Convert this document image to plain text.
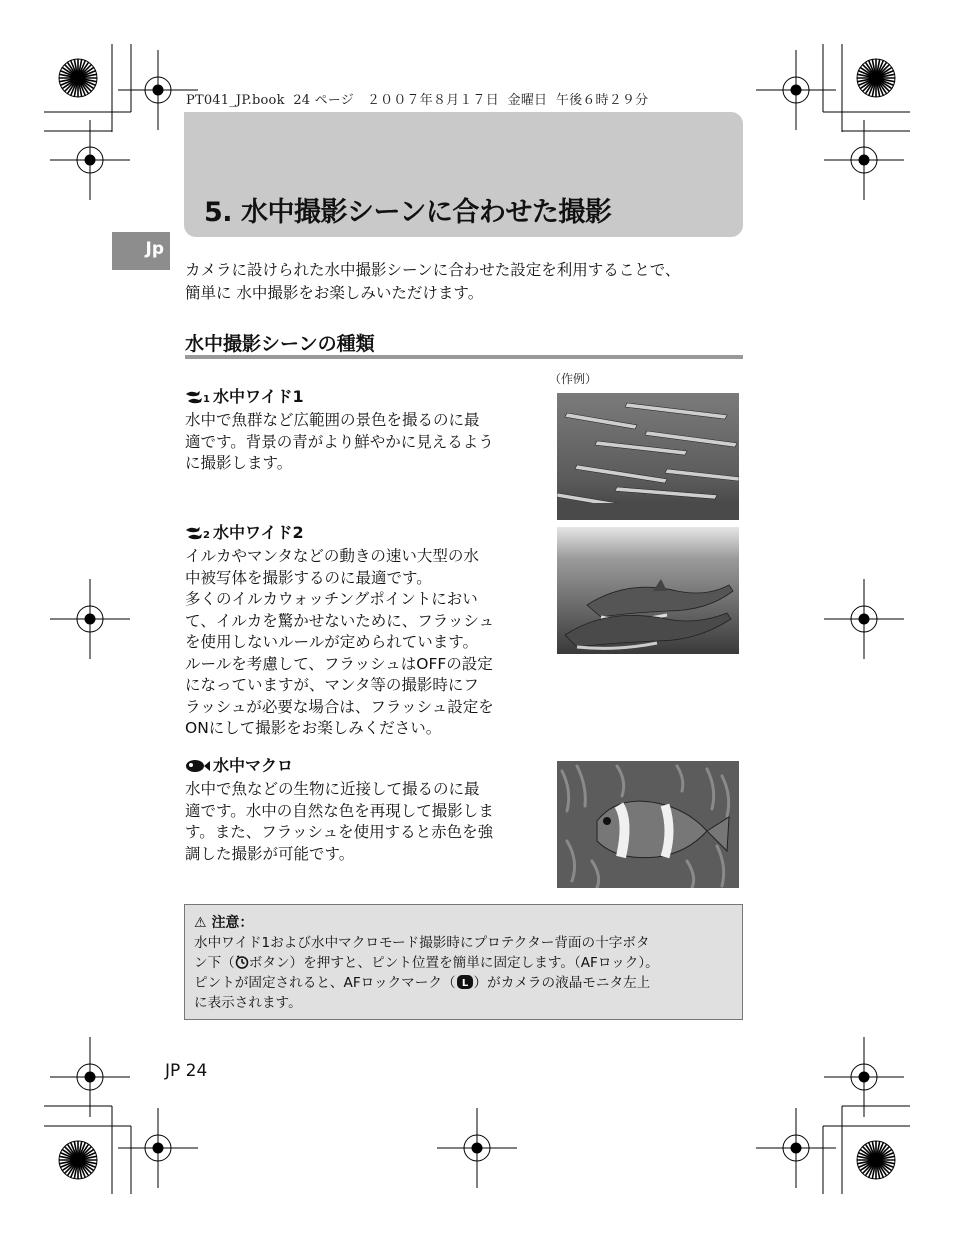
PT041_JP.book 24 ページ ２００７年８月１７日 金曜日 午後６時２９分
5. 水中撮影シーンに合わせた撮影
Jp

カメラに設けられた水中撮影シーンに合わせた設定を利用することで、
簡単に 水中撮影をお楽しみいただけます。

水中撮影シーンの種類
（作例）
1 水中ワイド1

水中で魚群など広範囲の景色を撮るのに最
適です。背景の青がより鮮やかに見えるよう
に撮影します。

2 水中ワイド2

イルカやマンタなどの動きの速い大型の水
中被写体を撮影するのに最適です。
多くのイルカウォッチングポイントにおい
て、イルカを驚かせないために、フラッシュ
を使用しないルールが定められています。
ルールを考慮して、フラッシュはOFFの設定
になっていますが、マンタ等の撮影時にフ
ラッシュが必要な場合は、フラッシュ設定を
ONにして撮影をお楽しみください。

水中マクロ

水中で魚などの生物に近接して撮るのに最
適です。水中の自然な色を再現して撮影しま
す。また、フラッシュを使用すると赤色を強
調した撮影が可能です。

⚠ 注意：

水中ワイド1および水中マクロモード撮影時にプロテクター背面の十字ボタ
ン下（ ボタン）を押すと、ピント位置を簡単に固定します。（AFロック）。
ピントが固定されると、AFロックマーク（ L ）がカメラの液晶モニタ左上
に表示されます。

JP 24
